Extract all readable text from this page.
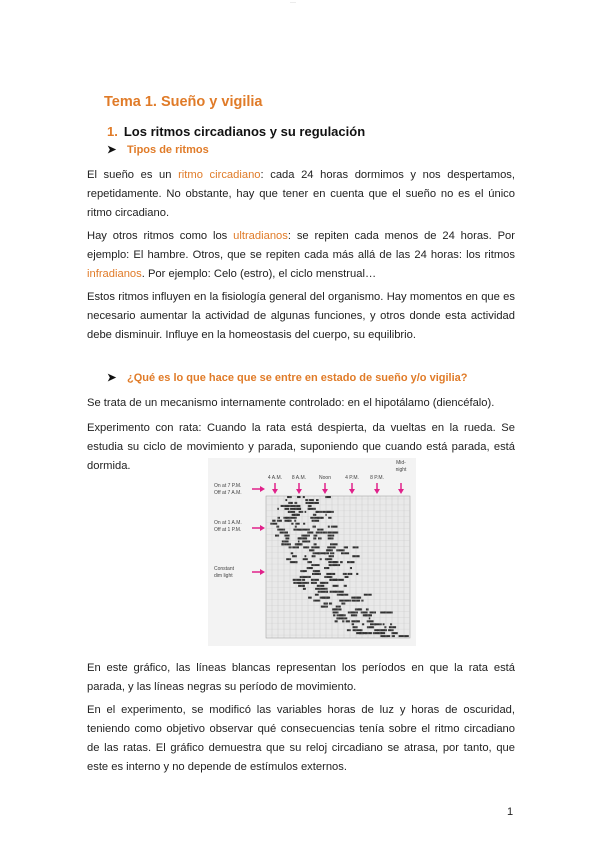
···
Tema 1. Sueño y vigilia
1. Los ritmos circadianos y su regulación
➤ Tipos de ritmos
El sueño es un ritmo circadiano: cada 24 horas dormimos y nos despertamos, repetidamente. No obstante, hay que tener en cuenta que el sueño no es el único ritmo circadiano.
Hay otros ritmos como los ultradianos: se repiten cada menos de 24 horas. Por ejemplo: El hambre. Otros, que se repiten cada más allá de las 24 horas: los ritmos infradianos. Por ejemplo: Celo (estro), el ciclo menstrual…
Estos ritmos influyen en la fisiología general del organismo. Hay momentos en que es necesario aumentar la actividad de algunas funciones, y otros donde esta actividad debe disminuir. Influye en la homeostasis del cuerpo, su equilibrio.
➤ ¿Qué es lo que hace que se entre en estado de sueño y/o vigilia?
Se trata de un mecanismo internamente controlado: en el hipotálamo (diencéfalo).
Experimento con rata: Cuando la rata está despierta, da vueltas en la rueda. Se estudia su ciclo de movimiento y parada, suponiendo que cuando está parada, está dormida.
4 A.M. 8 A.M.	Noon	4 P.M. 8 P.M.
Mid-
night
On at 7 P.M.
Off at 7 A.M.
On at 1 A.M.
Off at 1 P.M.
Constant
dim light
En este gráfico, las líneas blancas representan los períodos en que la rata está parada, y las líneas negras su período de movimiento.
En el experimento, se modificó las variables horas de luz y horas de oscuridad, teniendo como objetivo observar qué consecuencias tenía sobre el ritmo circadiano de las ratas. El gráfico demuestra que su reloj circadiano se atrasa, por tanto, que este es interno y no depende de estímulos externos.
1
